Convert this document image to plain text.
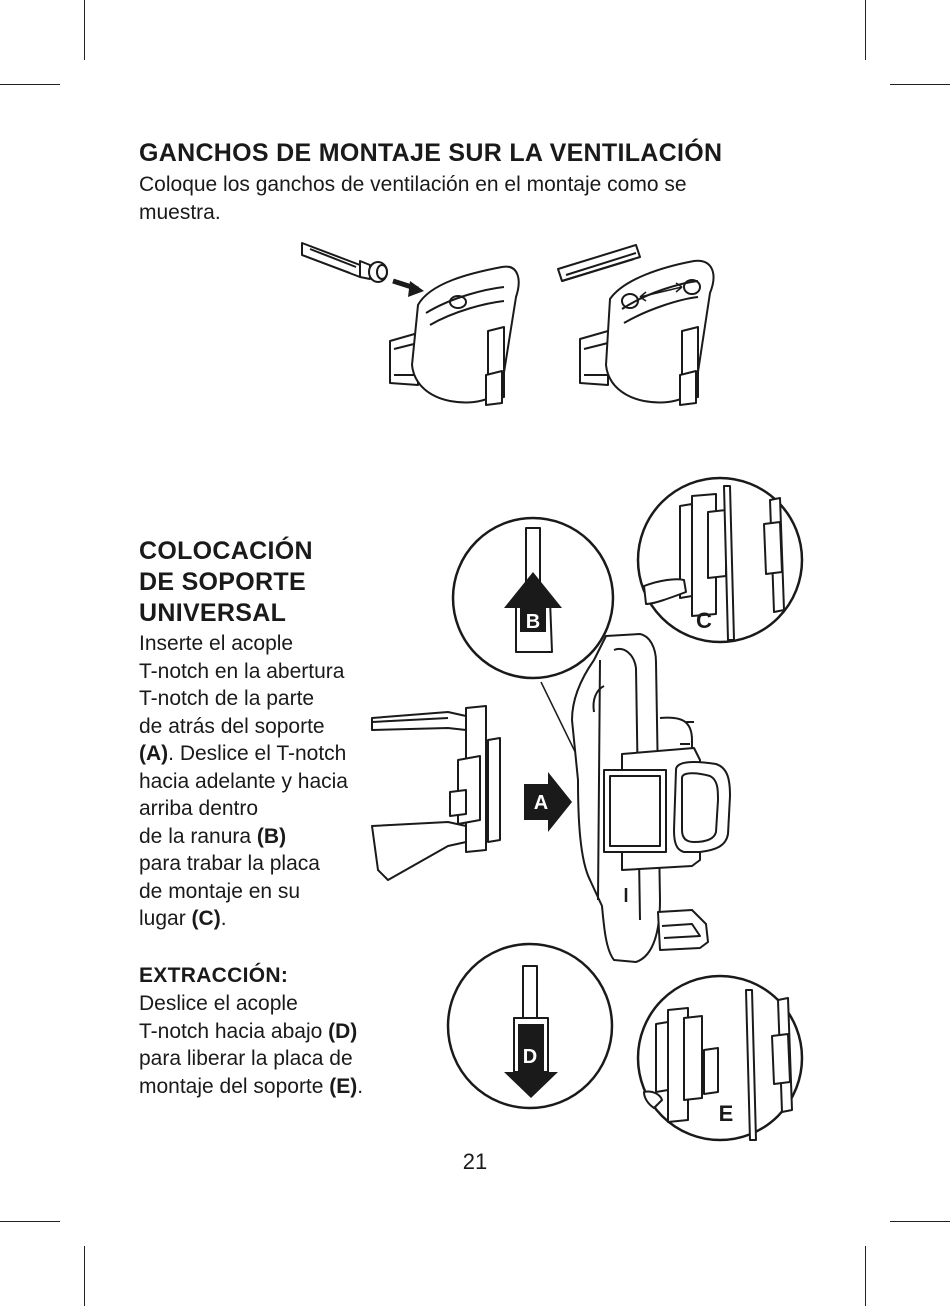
GANCHOS DE MONTAJE SUR LA VENTILACIÓN

Coloque los ganchos de ventilación en el montaje como se
muestra.

COLOCACIÓN
DE SOPORTE
UNIVERSAL

Inserte el acople
T-notch en la abertura
T-notch de la parte
de atrás del soporte
(A). Deslice el T-notch
hacia adelante y hacia
arriba dentro
de la ranura (B)
para trabar la placa
de montaje en su
lugar (C).

EXTRACCIÓN:

Deslice el acople
T-notch hacia abajo (D)
para liberar la placa de
montaje del soporte (E).

A
B	C
D
E
21
